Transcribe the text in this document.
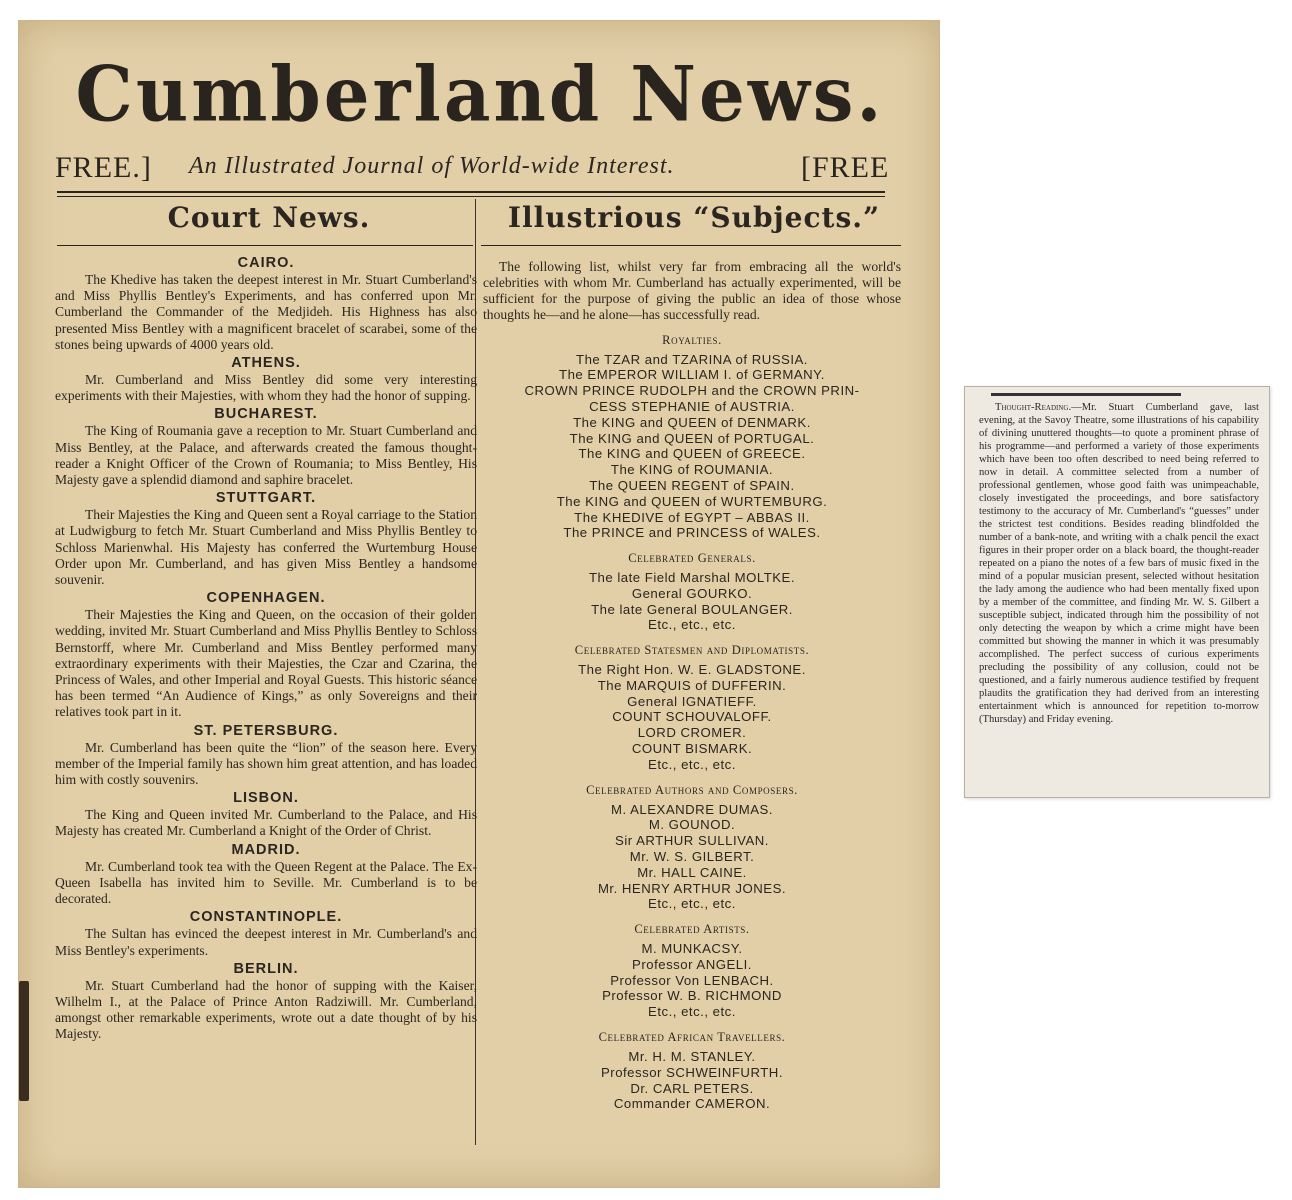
Cumberland News.
FREE.] An Illustrated Journal of World-wide Interest.	[FREE
Court News.	Illustrious “Subjects.”
CAIRO.
The Khedive has taken the deepest interest in Mr. Stuart Cumberland's and Miss Phyllis Bentley's Experiments, and has conferred upon Mr. Cumberland the Commander of the Medjideh. His Highness has also presented Miss Bentley with a magnificent bracelet of scarabei, some of the stones being upwards of 4000 years old.
ATHENS.
Mr. Cumberland and Miss Bentley did some very interesting experiments with their Majesties, with whom they had the honor of supping.
BUCHAREST.
The King of Roumania gave a reception to Mr. Stuart Cumberland and Miss Bentley, at the Palace, and afterwards created the famous thought-reader a Knight Officer of the Crown of Roumania; to Miss Bentley, His Majesty gave a splendid diamond and saphire bracelet.
STUTTGART.
Their Majesties the King and Queen sent a Royal carriage to the Station at Ludwigburg to fetch Mr. Stuart Cumberland and Miss Phyllis Bentley to Schloss Marienwhal. His Majesty has conferred the Wurtemburg House Order upon Mr. Cumberland, and has given Miss Bentley a handsome souvenir.
COPENHAGEN.
Their Majesties the King and Queen, on the occasion of their golden wedding, invited Mr. Stuart Cumberland and Miss Phyllis Bentley to Schloss Bernstorff, where Mr. Cumberland and Miss Bentley performed many extraordinary experiments with their Majesties, the Czar and Czarina, the Princess of Wales, and other Imperial and Royal Guests. This historic séance has been termed “An Audience of Kings,” as only Sovereigns and their relatives took part in it.
ST. PETERSBURG.
Mr. Cumberland has been quite the “lion” of the season here. Every member of the Imperial family has shown him great attention, and has loaded him with costly souvenirs.
LISBON.
The King and Queen invited Mr. Cumberland to the Palace, and His Majesty has created Mr. Cumberland a Knight of the Order of Christ.
MADRID.
Mr. Cumberland took tea with the Queen Regent at the Palace. The Ex-Queen Isabella has invited him to Seville. Mr. Cumberland is to be decorated.
CONSTANTINOPLE.
The Sultan has evinced the deepest interest in Mr. Cumberland's and Miss Bentley's experiments.
BERLIN.
Mr. Stuart Cumberland had the honor of supping with the Kaiser, Wilhelm I., at the Palace of Prince Anton Radziwill. Mr. Cumberland, amongst other remarkable experiments, wrote out a date thought of by his Majesty.
The following list, whilst very far from embracing all the world's celebrities with whom Mr. Cumberland has actually experimented, will be sufficient for the purpose of giving the public an idea of those whose thoughts he—and he alone—has successfully read.
Royalties.
The TZAR and TZARINA of RUSSIA.
The EMPEROR WILLIAM I. of GERMANY.
CROWN PRINCE RUDOLPH and the CROWN PRIN-
CESS STEPHANIE of AUSTRIA.
The KING and QUEEN of DENMARK.
The KING and QUEEN of PORTUGAL.
The KING and QUEEN of GREECE.
The KING of ROUMANIA.
The QUEEN REGENT of SPAIN.
The KING and QUEEN of WURTEMBURG.
The KHEDIVE of EGYPT – ABBAS II.
The PRINCE and PRINCESS of WALES.
Celebrated Generals.
The late Field Marshal MOLTKE.
General GOURKO.
The late General BOULANGER.
Etc., etc., etc.
Celebrated Statesmen and Diplomatists.
The Right Hon. W. E. GLADSTONE.
The MARQUIS of DUFFERIN.
General IGNATIEFF.
COUNT SCHOUVALOFF.
LORD CROMER.
COUNT BISMARK.
Etc., etc., etc.
Celebrated Authors and Composers.
M. ALEXANDRE DUMAS.
M. GOUNOD.
Sir ARTHUR SULLIVAN.
Mr. W. S. GILBERT.
Mr. HALL CAINE.
Mr. HENRY ARTHUR JONES.
Etc., etc., etc.
Celebrated Artists.
M. MUNKACSY.
Professor ANGELI.
Professor Von LENBACH.
Professor W. B. RICHMOND
Etc., etc., etc.
Celebrated African Travellers.
Mr. H. M. STANLEY.
Professor SCHWEINFURTH.
Dr. CARL PETERS.
Commander CAMERON.
Thought-Reading.—Mr. Stuart Cumberland gave, last evening, at the Savoy Theatre, some illustrations of his capability of divining unuttered thoughts—to quote a prominent phrase of his programme—and performed a variety of those experiments which have been too often described to need being referred to now in detail. A committee selected from a number of professional gentlemen, whose good faith was unimpeachable, closely investigated the proceedings, and bore satisfactory testimony to the accuracy of Mr. Cumberland's “guesses” under the strictest test conditions. Besides reading blindfolded the number of a bank-note, and writing with a chalk pencil the exact figures in their proper order on a black board, the thought-reader repeated on a piano the notes of a few bars of music fixed in the mind of a popular musician present, selected without hesitation the lady among the audience who had been mentally fixed upon by a member of the committee, and finding Mr. W. S. Gilbert a susceptible subject, indicated through him the possibility of not only detecting the weapon by which a crime might have been committed but showing the manner in which it was presumably accomplished. The perfect success of curious experiments precluding the possibility of any collusion, could not be questioned, and a fairly numerous audience testified by frequent plaudits the gratification they had derived from an interesting entertainment which is announced for repetition to-morrow (Thursday) and Friday evening.
